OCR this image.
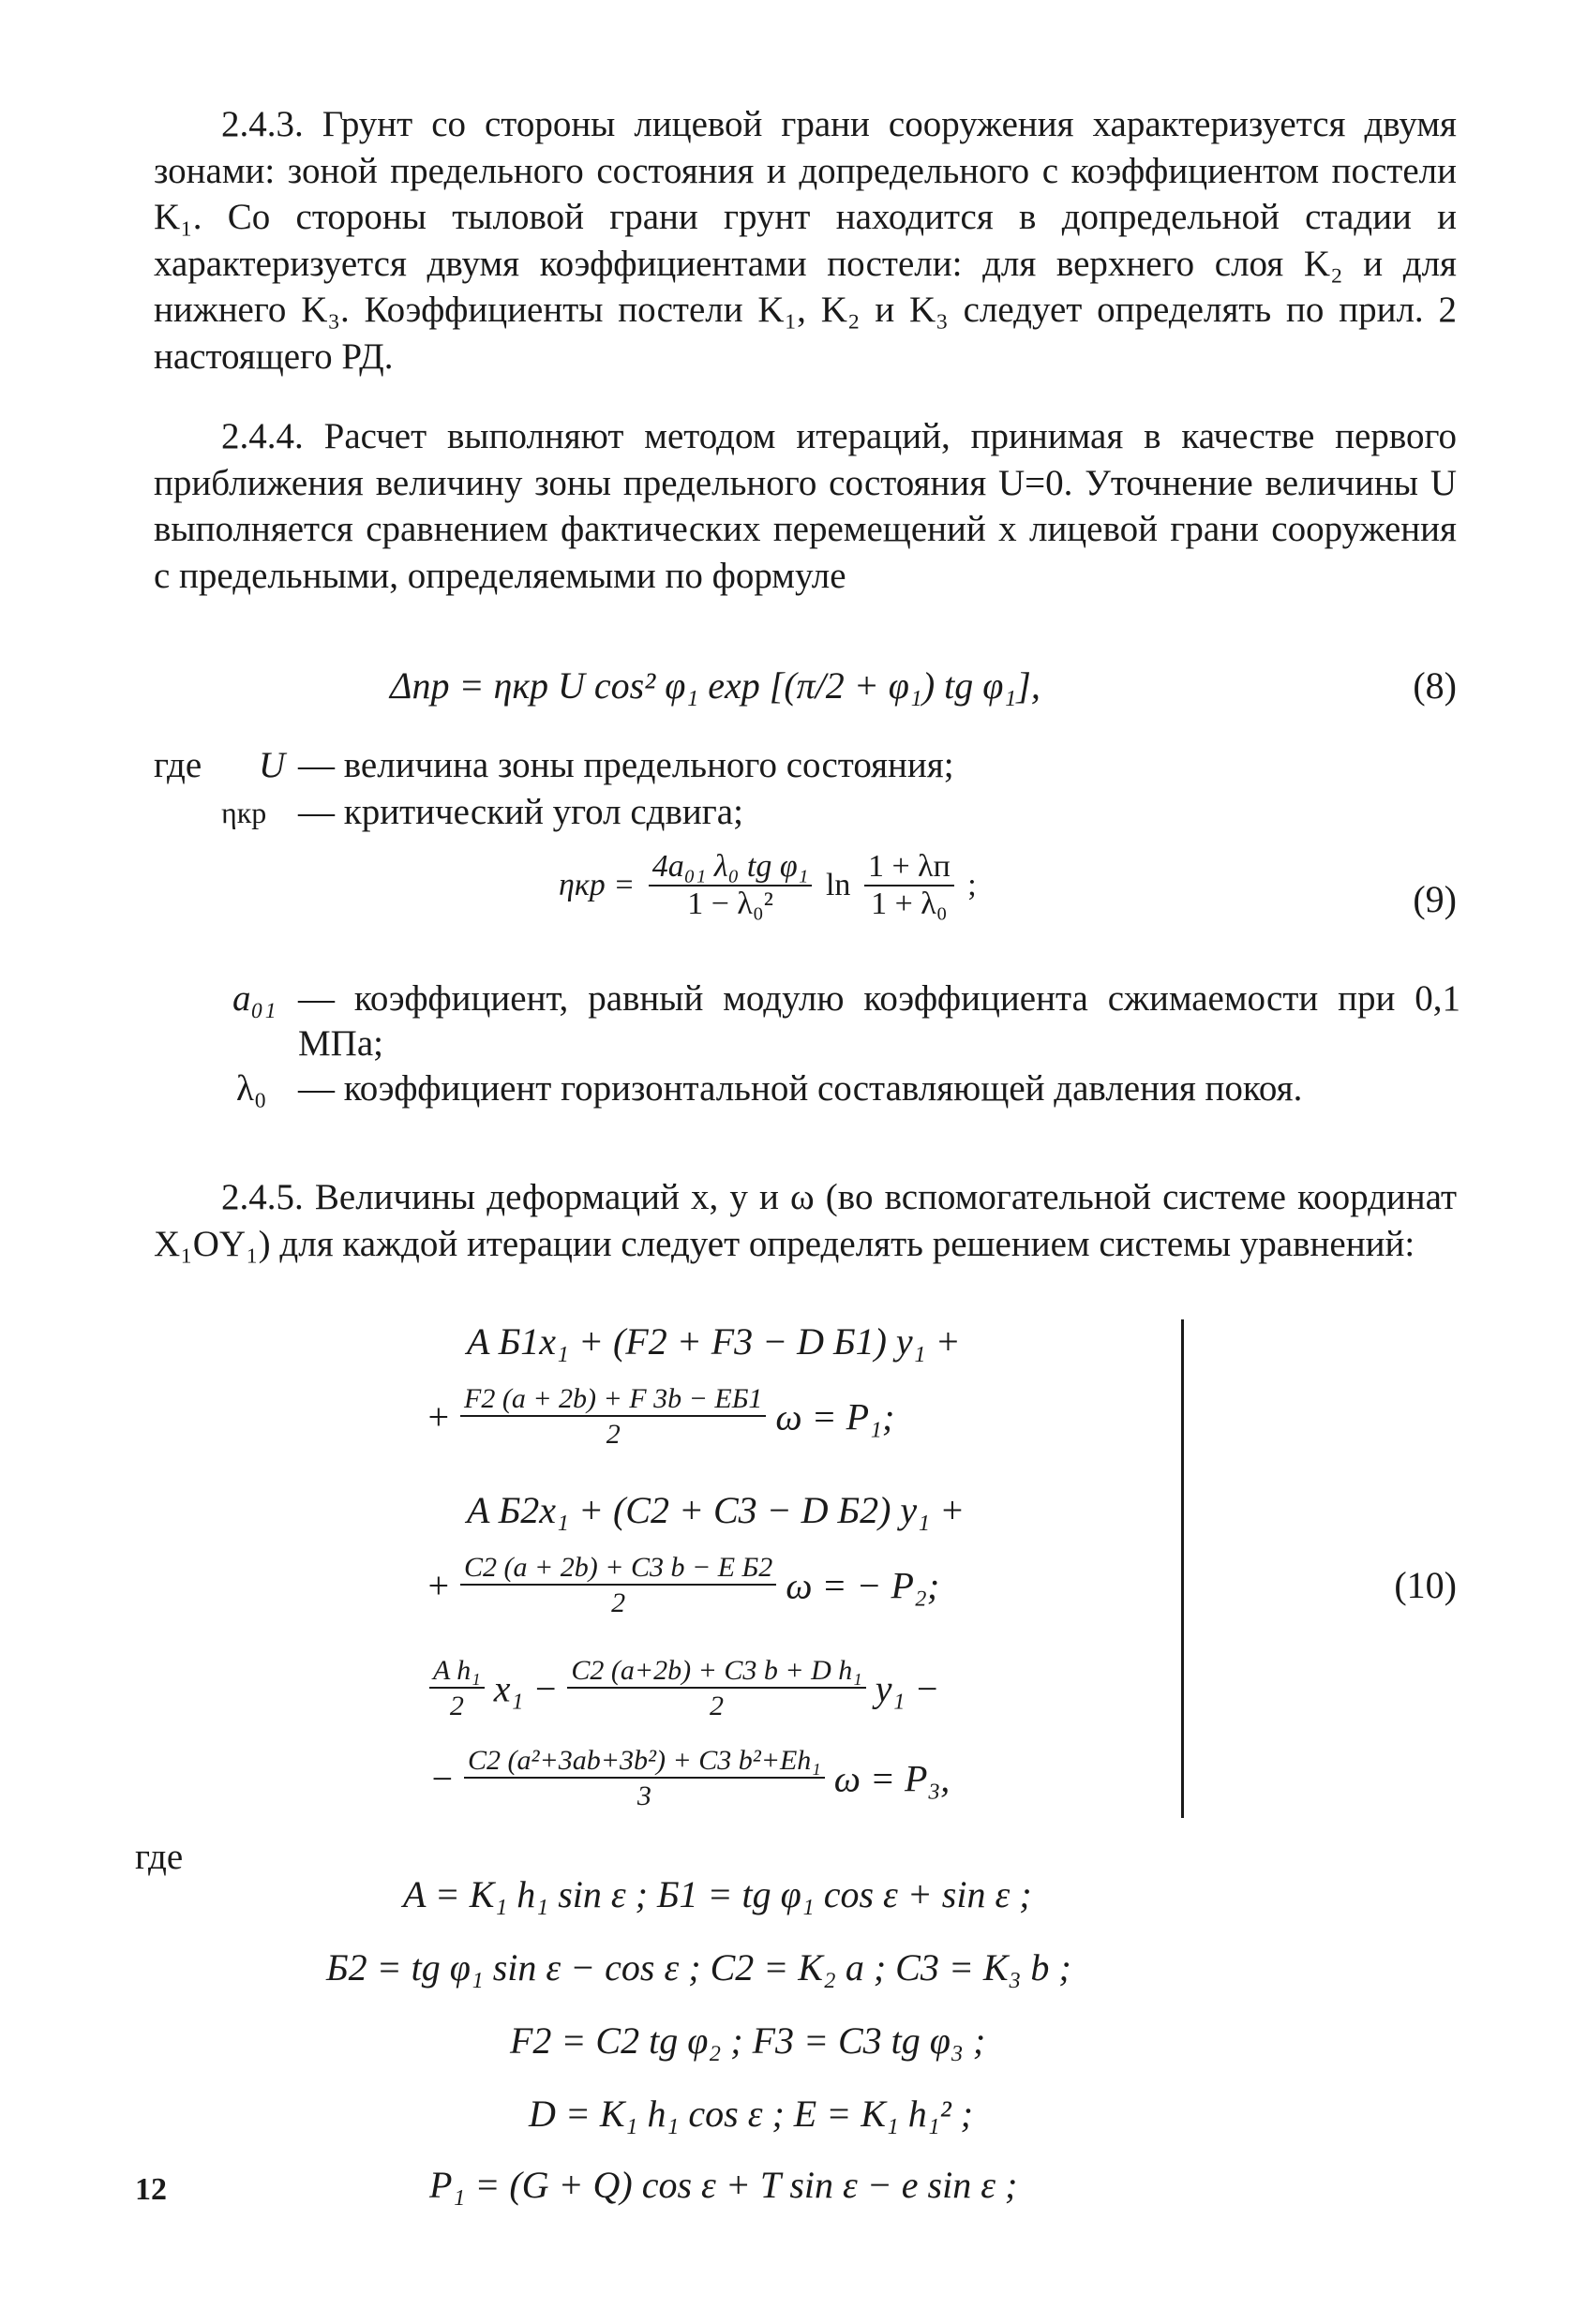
2.4.3. Грунт со стороны лицевой грани сооружения характеризуется двумя зонами: зоной предельного состояния и допредельного с коэффициентом постели K₁. Со стороны тыловой грани грунт находится в допредельной стадии и характеризуется двумя коэффициентами постели: для верхнего слоя K₂ и для нижнего K₃. Коэффициенты постели K₁, K₂ и K₃ следует определять по прил. 2 настоящего РД.

2.4.4. Расчет выполняют методом итераций, принимая в качестве первого приближения величину зоны предельного состояния U=0. Уточнение величины U выполняется сравнением фактических перемещений x лицевой грани сооружения с предельными, определяемыми по формуле

Δпр = ηкр U cos² φ₁ exp [(π/2 + φ₁) tg φ₁],	(8)
где U — величина зоны предельного состояния;
ηкр — критический угол сдвига;
$\eta кр = \frac{\text{4a₀₁ λ₀ tg φ₁}}{\text{1 − λ₀²}}$ $\ln \frac{1 + \lambda п}{\text{1 + λ₀}}$ ;	(9)
a₀₁ — коэффициент, равный модулю коэффициента сжимаемости при 0,1 МПа;
λ₀ — коэффициент горизонтальной составляющей давления покоя.

2.4.5. Величины деформаций x, y и ω (во вспомогательной системе координат X₁OY₁) для каждой итерации следует определять решением системы уравнений:

A Б1x₁ + (F2 + F3 − D Б1) y₁ +
+ $\frac{F2 (a + 2b) + F 3b - EБ1}{2}$ ω = P₁;
A Б2x₁ + (C2 + C3 − D Б2) y₁ +
+ $\frac{\text{C2 (a + 2b) + C3 b − E Б2}}{2}$ ω = − P₂;
$\frac{\text{A h₁}}{2} x_1 - \frac{\text{C2 (a+2b) + C3 b + D h₁}}{2} y_1$ −
− $\frac{\text{C2 (a²+3ab+3b²) + C3 b²+Eh₁}}{3}$ ω = P₃,
(10)
где
A = K₁ h₁ sin ε ; Б1 = tg φ₁ cos ε + sin ε ;
Б2 = tg φ₁ sin ε − cos ε ; C2 = K₂ a ; C3 = K₃ b ;
F2 = C2 tg φ₂ ; F3 = C3 tg φ₃ ;
D = K₁ h₁ cos ε ; E = K₁ h₁² ;
P₁ = (G + Q) cos ε + T sin ε − e sin ε ;
12
